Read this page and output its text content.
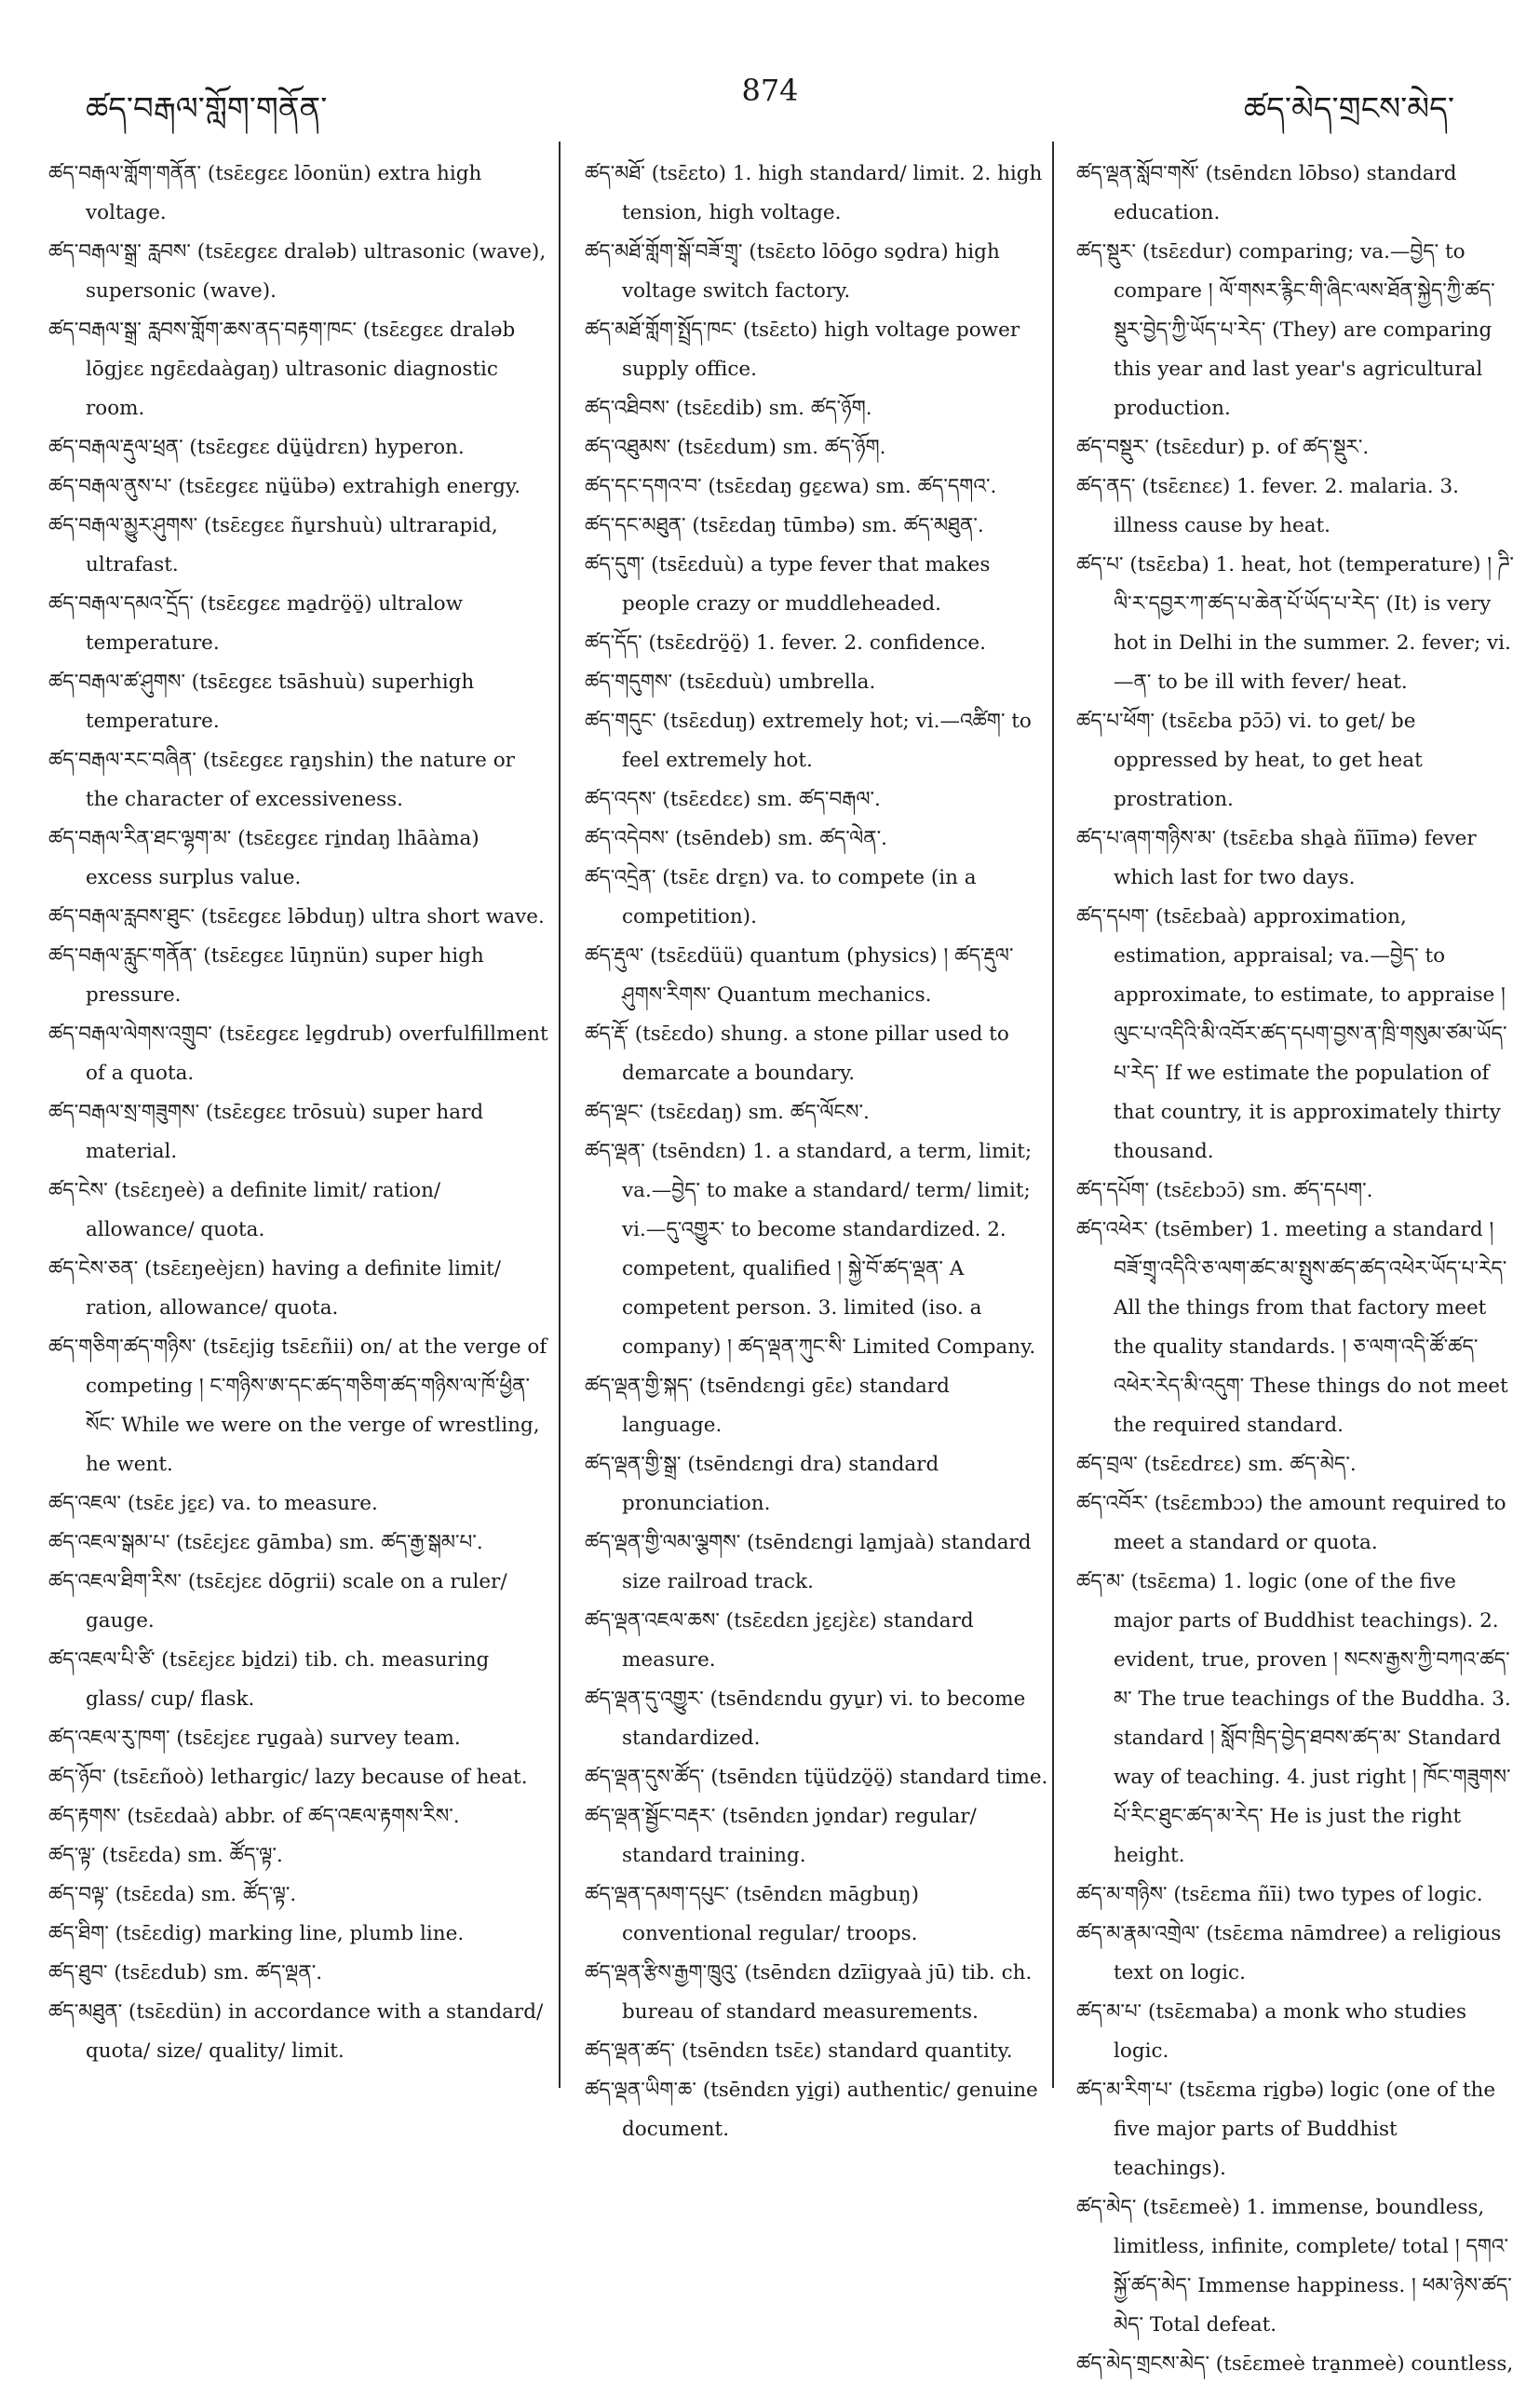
ཚད་བརྒལ་གློག་གནོན་	874	ཚད་མེད་གྲངས་མེད་

ཚད་བརྒལ་གློག་གནོན་ (tsɛ̄ɛgɛɛ lōonün) extra high voltage.

ཚད་བརྒལ་སྒྲ་ རླབས་ (tsɛ̄ɛgɛɛ draləb) ultrasonic (wave), supersonic (wave).

ཚད་བརྒལ་སྒྲ་ རླབས་གློག་ཆས་ནད་བརྟག་ཁང་ (tsɛ̄ɛgɛɛ draləb lōgjɛɛ ngɛ̄ɛdaàgaŋ) ultrasonic diagnostic room.

ཚད་བརྒལ་རྡུལ་ཕྲན་ (tsɛ̄ɛgɛɛ dü̱ü̱drɛn) hyperon.

ཚད་བརྒལ་ནུས་པ་ (tsɛ̄ɛgɛɛ nü̱übə) extrahigh energy.

ཚད་བརྒལ་མྱུར་ཤུགས་ (tsɛ̄ɛgɛɛ ñu̱rshuù) ultrarapid, ultrafast.

ཚད་བརྒལ་དམའ་དྲོད་ (tsɛ̄ɛgɛɛ ma̱drö̱ö̱) ultralow temperature.

ཚད་བརྒལ་ཚ་ཤུགས་ (tsɛ̄ɛgɛɛ tsāshuù) superhigh temperature.

ཚད་བརྒལ་རང་བཞིན་ (tsɛ̄ɛgɛɛ ra̱ŋshin) the nature or the character of excessiveness.

ཚད་བརྒལ་རིན་ཐང་ལྷག་མ་ (tsɛ̄ɛgɛɛ ri̱ndaŋ lhāàma) excess surplus value.

ཚད་བརྒལ་རླབས་ཐུང་ (tsɛ̄ɛgɛɛ lə̄bduŋ) ultra short wave.

ཚད་བརྒལ་རླུང་གནོན་ (tsɛ̄ɛgɛɛ lūŋnün) super high pressure.

ཚད་བརྒལ་ལེགས་འགྲུབ་ (tsɛ̄ɛgɛɛ le̱gdrub) overfulfillment of a quota.

ཚད་བརྒལ་སྲ་གཟུགས་ (tsɛ̄ɛgɛɛ trōsuù) super hard material.

ཚད་ངེས་ (tsɛ̄ɛŋeè) a definite limit/ ration/ allowance/ quota.

ཚད་ངེས་ཅན་ (tsɛ̄ɛŋeèjɛn) having a definite limit/ ration, allowance/ quota.

ཚད་གཅིག་ཚད་གཉིས་ (tsɛ̄ɛjig tsɛ̄ɛñii) on/ at the verge of competing ། ང་གཉིས་ཨ་དང་ཚད་གཅིག་ཚད་གཉིས་ལ་ཁོ་ཕྱིན་སོང་ While we were on the verge of wrestling, he went.

ཚད་འཇལ་ (tsɛ̄ɛ jɛ̱ɛ) va. to measure.

ཚད་འཇལ་སྒམ་པ་ (tsɛ̄ɛjɛɛ gāmba) sm. ཚད་རྒྱ་སྒམ་པ་.

ཚད་འཇལ་ཐིག་རིས་ (tsɛ̄ɛjɛɛ dōgrii) scale on a ruler/ gauge.

ཚད་འཇལ་པི་ཙི་ (tsɛ̄ɛjɛɛ bi̱dzi) tib. ch. measuring glass/ cup/ flask.

ཚད་འཇལ་རུ་ཁག་ (tsɛ̄ɛjɛɛ ru̱gaà) survey team.

ཚད་ཉོབ་ (tsɛ̄ɛñoò) lethargic/ lazy because of heat.

ཚད་རྟགས་ (tsɛ̄ɛdaà) abbr. of ཚད་འཇལ་རྟགས་རིས་.

ཚད་ལྟ་ (tsɛ̄ɛda) sm. ཚོད་ལྟ་.

ཚད་བལྟ་ (tsɛ̄ɛda) sm. ཚོད་ལྟ་.

ཚད་ཐིག་ (tsɛ̄ɛdig) marking line, plumb line.

ཚད་ཐུབ་ (tsɛ̄ɛdub) sm. ཚད་ལྡན་.

ཚད་མཐུན་ (tsɛ̄ɛdün) in accordance with a standard/ quota/ size/ quality/ limit.

ཚད་མཐོ་ (tsɛ̄ɛto) 1. high standard/ limit. 2. high tension, high voltage.

ཚད་མཐོ་གློག་སྒོ་བཟོ་གྲྭ་ (tsɛ̄ɛto lōōgo so̱dra) high voltage switch factory.

ཚད་མཐོ་གློག་སྤྲོད་ཁང་ (tsɛ̄ɛto) high voltage power supply office.

ཚད་འཐིབས་ (tsɛ̄ɛdib) sm. ཚད་ཉོག.

ཚད་འཐུམས་ (tsɛ̄ɛdum) sm. ཚད་ཉོག.

ཚད་དང་དགའ་བ་ (tsɛ̄ɛdaŋ gɛ̱ɛwa) sm. ཚད་དགའ་.

ཚད་དང་མཐུན་ (tsɛ̄ɛdaŋ tūmbə) sm. ཚད་མཐུན་.

ཚད་དུག་ (tsɛ̄ɛduù) a type fever that makes people crazy or muddleheaded.

ཚད་དོད་ (tsɛ̄ɛdrö̱ö̱) 1. fever. 2. confidence.

ཚད་གདུགས་ (tsɛ̄ɛduù) umbrella.

ཚད་གདུང་ (tsɛ̄ɛduŋ) extremely hot; vi.—འཚིག་ to feel extremely hot.

ཚད་འདས་ (tsɛ̄ɛdɛɛ) sm. ཚད་བརྒལ་.

ཚད་འདེབས་ (tsēndeb) sm. ཚད་ལེན་.

ཚད་འདྲེན་ (tsɛ̄ɛ drɛ̱n) va. to compete (in a competition).

ཚད་རྡུལ་ (tsɛ̄ɛdüü) quantum (physics) ། ཚད་རྡུལ་ཤུགས་རིགས་ Quantum mechanics.

ཚད་རྡོ་ (tsɛ̄ɛdo) shung. a stone pillar used to demarcate a boundary.

ཚད་ལྡང་ (tsɛ̄ɛdaŋ) sm. ཚད་ལོངས་.

ཚད་ལྡན་ (tsēndɛn) 1. a standard, a term, limit; va.—བྱེད་ to make a standard/ term/ limit; vi.—དུ་འགྱུར་ to become standardized. 2. competent, qualified ། སྐྱེ་བོ་ཚད་ལྡན་ A competent person. 3. limited (iso. a company) ། ཚད་ལྡན་ཀུང་སི་ Limited Company.

ཚད་ལྡན་གྱི་སྐད་ (tsēndɛngi gɛ̄ɛ) standard language.

ཚད་ལྡན་གྱི་སྒྲ་ (tsēndɛngi dra) standard pronunciation.

ཚད་ལྡན་གྱི་ལམ་ལྕགས་ (tsēndɛngi la̱mjaà) standard size railroad track.

ཚད་ལྡན་འཇལ་ཆས་ (tsɛ̄ɛdɛn jɛ̱ɛjɛ̀ɛ) standard measure.

ཚད་ལྡན་དུ་འགྱུར་ (tsēndɛndu gyu̱r) vi. to become standardized.

ཚད་ལྡན་དུས་ཚོད་ (tsēndɛn tü̱üdzö̱ö̱) standard time.

ཚད་ལྡན་སྦྱོང་བརྡར་ (tsēndɛn jo̱ndar) regular/ standard training.

ཚད་ལྡན་དམག་དཔུང་ (tsēndɛn māgbuŋ) conventional regular/ troops.

ཚད་ལྡན་རྩིས་རྒྱག་ཁྲུའུ་ (tsēndɛn dzīigyaà jū) tib. ch. bureau of standard measurements.

ཚད་ལྡན་ཚད་ (tsēndɛn tsɛ̄ɛ) standard quantity.

ཚད་ལྡན་ཡིག་ཆ་ (tsēndɛn yi̱gi) authentic/ genuine document.

ཚད་ལྡན་སློབ་གསོ་ (tsēndɛn lōbso) standard education.

ཚད་སྡུར་ (tsɛ̄ɛdur) comparing; va.—བྱེད་ to compare ། ལོ་གསར་རྙིང་གི་ཞིང་ལས་ཐོན་སྐྱེད་ཀྱི་ཚད་སྡུར་བྱེད་ཀྱི་ཡོད་པ་རེད་ (They) are comparing this year and last year's agricultural production.

ཚད་བསྡུར་ (tsɛ̄ɛdur) p. of ཚད་སྡུར་.

ཚད་ནད་ (tsɛ̄ɛnɛɛ) 1. fever. 2. malaria. 3. illness cause by heat.

ཚད་པ་ (tsɛ̄ɛba) 1. heat, hot (temperature) ། ཌི་ལི་ར་དབྱར་ཀ་ཚད་པ་ཆེན་པོ་ཡོད་པ་རེད་ (It) is very hot in Delhi in the summer. 2. fever; vi.—ན་ to be ill with fever/ heat.

ཚད་པ་ཕོག་ (tsɛ̄ɛba pɔ̄ɔ̄) vi. to get/ be oppressed by heat, to get heat prostration.

ཚད་པ་ཞག་གཉིས་མ་ (tsɛ̄ɛba sha̱à ñīīmə) fever which last for two days.

ཚད་དཔག་ (tsɛ̄ɛbaà) approximation, estimation, appraisal; va.—བྱེད་ to approximate, to estimate, to appraise ། ལུང་པ་འདིའི་མི་འབོར་ཚད་དཔག་བྱས་ན་ཁྲི་གསུམ་ཙམ་ཡོད་པ་རེད་ If we estimate the population of that country, it is approximately thirty thousand.

ཚད་དཔོག་ (tsɛ̄ɛbɔɔ̄) sm. ཚད་དཔག་.

ཚད་འཕེར་ (tsēmber) 1. meeting a standard ། བཟོ་གྲྭ་འདིའི་ཅ་ལག་ཚང་མ་སྤུས་ཚད་ཚད་འཕེར་ཡོད་པ་རེད་ All the things from that factory meet the quality standards. ། ཅ་ལག་འདི་ཚོ་ཚད་འཕེར་རེད་མི་འདུག་ These things do not meet the required standard.

ཚད་བྲལ་ (tsɛ̄ɛdrɛɛ) sm. ཚད་མེད་.

ཚད་འབོར་ (tsɛ̄ɛmbɔɔ) the amount required to meet a standard or quota.

ཚད་མ་ (tsɛ̄ɛma) 1. logic (one of the five major parts of Buddhist teachings). 2. evident, true, proven ། སངས་རྒྱས་ཀྱི་བཀའ་ཚད་མ་ The true teachings of the Buddha. 3. standard ། སློབ་ཁྲིད་བྱེད་ཐབས་ཚད་མ་ Standard way of teaching. 4. just right ། ཁོང་གཟུགས་པོ་རིང་ཐུང་ཚད་མ་རེད་ He is just the right height.

ཚད་མ་གཉིས་ (tsɛ̄ɛma ñīi) two types of logic.

ཚད་མ་རྣམ་འགྲེལ་ (tsɛ̄ɛma nāmdree) a religious text on logic.

ཚད་མ་པ་ (tsɛ̄ɛmaba) a monk who studies logic.

ཚད་མ་རིག་པ་ (tsɛ̄ɛma ri̱gbə) logic (one of the five major parts of Buddhist teachings).

ཚད་མེད་ (tsɛ̄ɛmeè) 1. immense, boundless, limitless, infinite, complete/ total ། དགའ་སྐྱོ་ཚད་མེད་ Immense happiness. ། ཕམ་ཉེས་ཚད་མེད་ Total defeat.

ཚད་མེད་གྲངས་མེད་ (tsɛ̄ɛmeè tra̱nmeè) countless,
